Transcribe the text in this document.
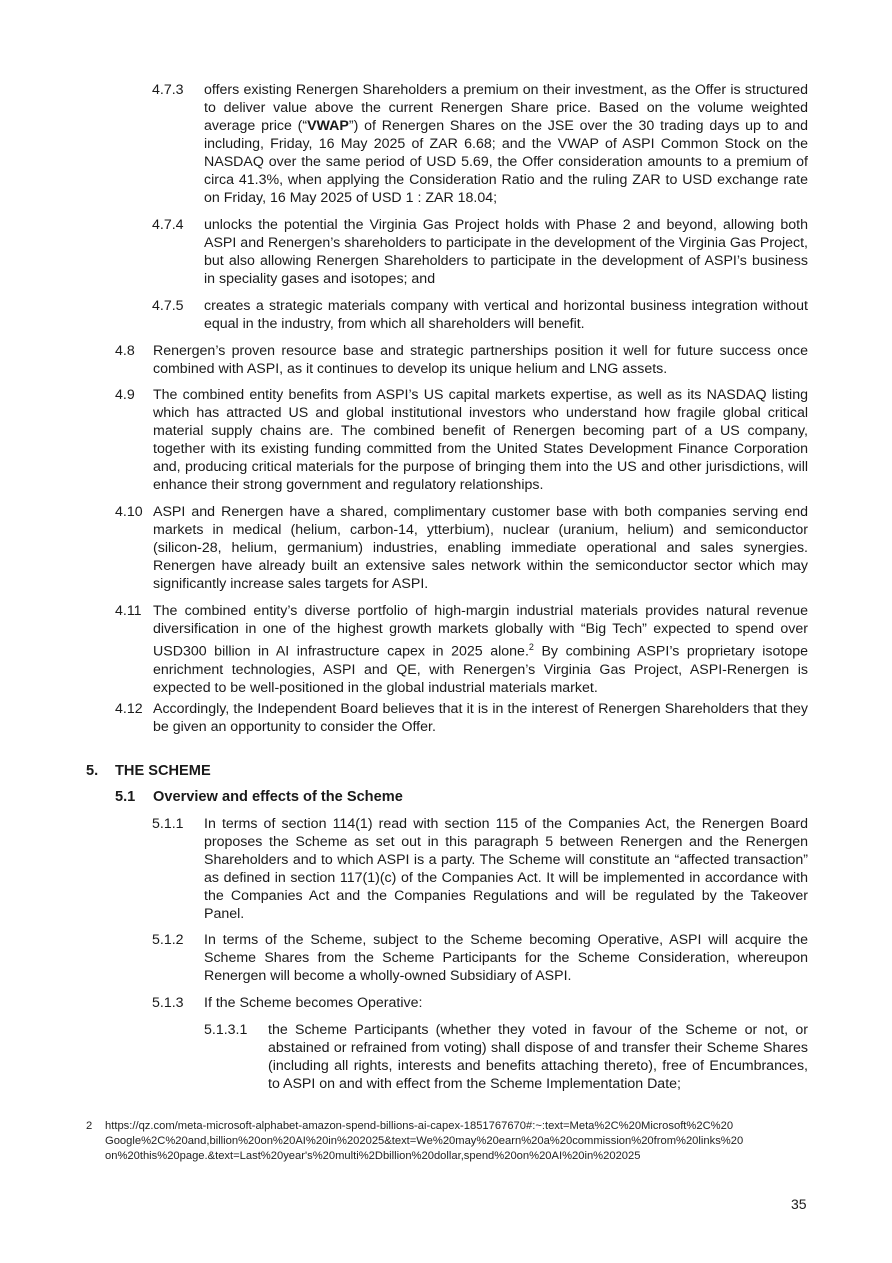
4.7.3 offers existing Renergen Shareholders a premium on their investment, as the Offer is structured to deliver value above the current Renergen Share price. Based on the volume weighted average price (“VWAP”) of Renergen Shares on the JSE over the 30 trading days up to and including, Friday, 16 May 2025 of ZAR 6.68; and the VWAP of ASPI Common Stock on the NASDAQ over the same period of USD 5.69, the Offer consideration amounts to a premium of circa 41.3%, when applying the Consideration Ratio and the ruling ZAR to USD exchange rate on Friday, 16 May 2025 of USD 1 : ZAR 18.04;
4.7.4 unlocks the potential the Virginia Gas Project holds with Phase 2 and beyond, allowing both ASPI and Renergen’s shareholders to participate in the development of the Virginia Gas Project, but also allowing Renergen Shareholders to participate in the development of ASPI’s business in speciality gases and isotopes; and
4.7.5 creates a strategic materials company with vertical and horizontal business integration without equal in the industry, from which all shareholders will benefit.
4.8 Renergen’s proven resource base and strategic partnerships position it well for future success once combined with ASPI, as it continues to develop its unique helium and LNG assets.
4.9 The combined entity benefits from ASPI’s US capital markets expertise, as well as its NASDAQ listing which has attracted US and global institutional investors who understand how fragile global critical material supply chains are. The combined benefit of Renergen becoming part of a US company, together with its existing funding committed from the United States Development Finance Corporation and, producing critical materials for the purpose of bringing them into the US and other jurisdictions, will enhance their strong government and regulatory relationships.
4.10 ASPI and Renergen have a shared, complimentary customer base with both companies serving end markets in medical (helium, carbon-14, ytterbium), nuclear (uranium, helium) and semiconductor (silicon-28, helium, germanium) industries, enabling immediate operational and sales synergies. Renergen have already built an extensive sales network within the semiconductor sector which may significantly increase sales targets for ASPI.
4.11 The combined entity’s diverse portfolio of high-margin industrial materials provides natural revenue diversification in one of the highest growth markets globally with “Big Tech” expected to spend over USD300 billion in AI infrastructure capex in 2025 alone.$^2$ By combining ASPI’s proprietary isotope enrichment technologies, ASPI and QE, with Renergen’s Virginia Gas Project, ASPI-Renergen is expected to be well-positioned in the global industrial materials market.
4.12 Accordingly, the Independent Board believes that it is in the interest of Renergen Shareholders that they be given an opportunity to consider the Offer.
5. THE SCHEME
5.1 Overview and effects of the Scheme
5.1.1 In terms of section 114(1) read with section 115 of the Companies Act, the Renergen Board proposes the Scheme as set out in this paragraph 5 between Renergen and the Renergen Shareholders and to which ASPI is a party. The Scheme will constitute an “affected transaction” as defined in section 117(1)(c) of the Companies Act. It will be implemented in accordance with the Companies Act and the Companies Regulations and will be regulated by the Takeover Panel.
5.1.2 In terms of the Scheme, subject to the Scheme becoming Operative, ASPI will acquire the Scheme Shares from the Scheme Participants for the Scheme Consideration, whereupon Renergen will become a wholly-owned Subsidiary of ASPI.
5.1.3 If the Scheme becomes Operative:
5.1.3.1 the Scheme Participants (whether they voted in favour of the Scheme or not, or abstained or refrained from voting) shall dispose of and transfer their Scheme Shares (including all rights, interests and benefits attaching thereto), free of Encumbrances, to ASPI on and with effect from the Scheme Implementation Date;
2 https://qz.com/meta-microsoft-alphabet-amazon-spend-billions-ai-capex-1851767670#:~:text=Meta%2C%20Microsoft%2C%20
Google%2C%20and,billion%20on%20AI%20in%202025&text=We%20may%20earn%20a%20commission%20from%20links%20
on%20this%20page.&text=Last%20year's%20multi%2Dbillion%20dollar,spend%20on%20AI%20in%202025
35
